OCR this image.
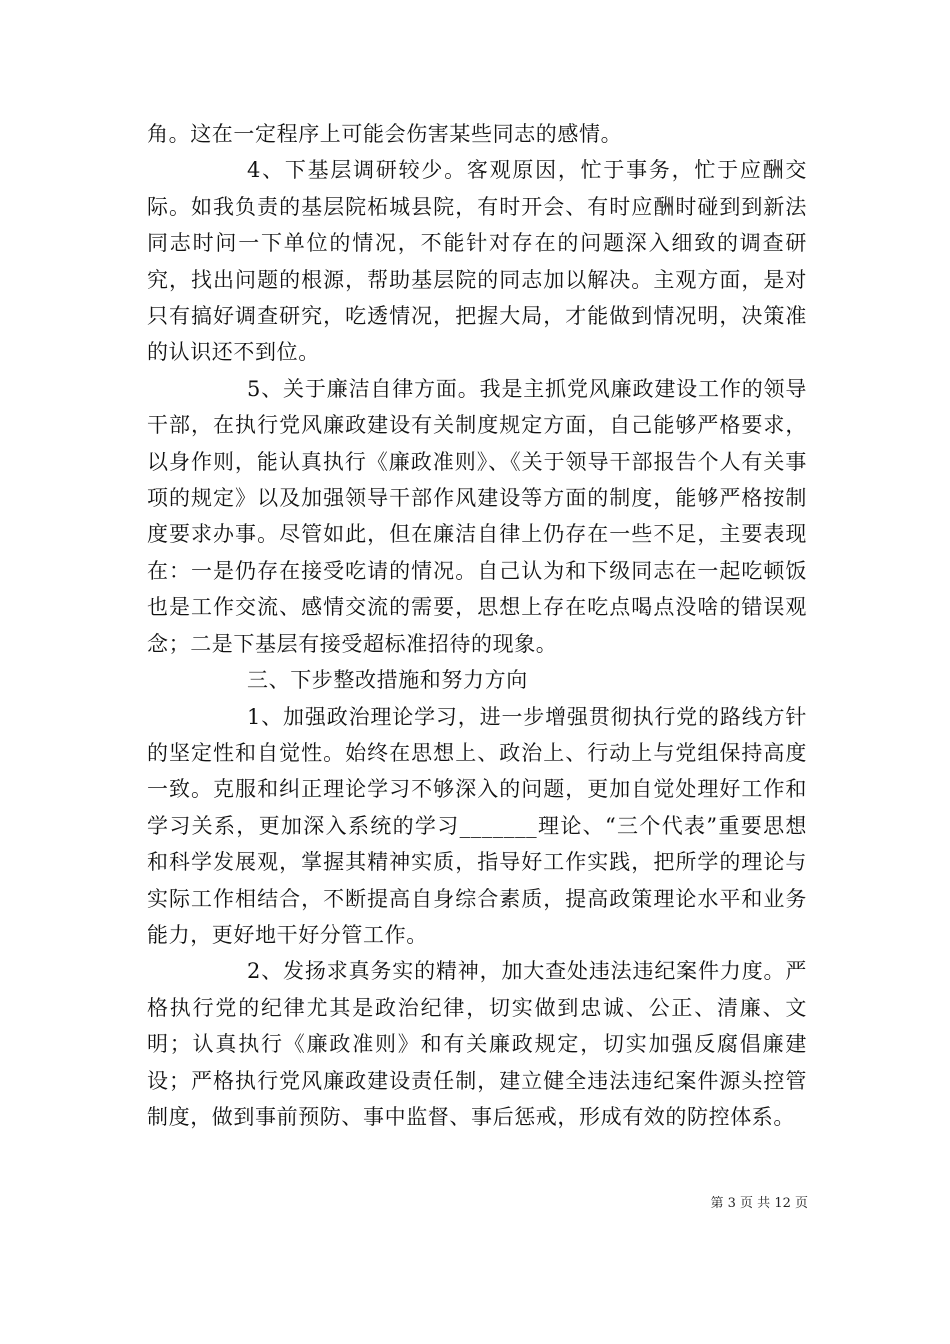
角。这在一定程序上可能会伤害某些同志的感情。

4、下基层调研较少。客观原因，忙于事务，忙于应酬交际。如我负责的基层院柘城县院，有时开会、有时应酬时碰到到新法同志时问一下单位的情况，不能针对存在的问题深入细致的调查研究，找出问题的根源，帮助基层院的同志加以解决。主观方面，是对只有搞好调查研究，吃透情况，把握大局，才能做到情况明，决策准的认识还不到位。

5、关于廉洁自律方面。我是主抓党风廉政建设工作的领导干部，在执行党风廉政建设有关制度规定方面，自己能够严格要求，以身作则，能认真执行《廉政准则》、《关于领导干部报告个人有关事项的规定》以及加强领导干部作风建设等方面的制度，能够严格按制度要求办事。尽管如此，但在廉洁自律上仍存在一些不足，主要表现在：一是仍存在接受吃请的情况。自己认为和下级同志在一起吃顿饭也是工作交流、感情交流的需要，思想上存在吃点喝点没啥的错误观念；二是下基层有接受超标准招待的现象。

三、下步整改措施和努力方向

1、加强政治理论学习，进一步增强贯彻执行党的路线方针的坚定性和自觉性。始终在思想上、政治上、行动上与党组保持高度一致。克服和纠正理论学习不够深入的问题，更加自觉处理好工作和学习关系，更加深入系统的学习_______理论、“三个代表”重要思想和科学发展观，掌握其精神实质，指导好工作实践，把所学的理论与实际工作相结合，不断提高自身综合素质，提高政策理论水平和业务能力，更好地干好分管工作。

2、发扬求真务实的精神，加大查处违法违纪案件力度。严格执行党的纪律尤其是政治纪律，切实做到忠诚、公正、清廉、文明；认真执行《廉政准则》和有关廉政规定，切实加强反腐倡廉建设；严格执行党风廉政建设责任制，建立健全违法违纪案件源头控管制度，做到事前预防、事中监督、事后惩戒，形成有效的防控体系。

第 3 页 共 12 页
